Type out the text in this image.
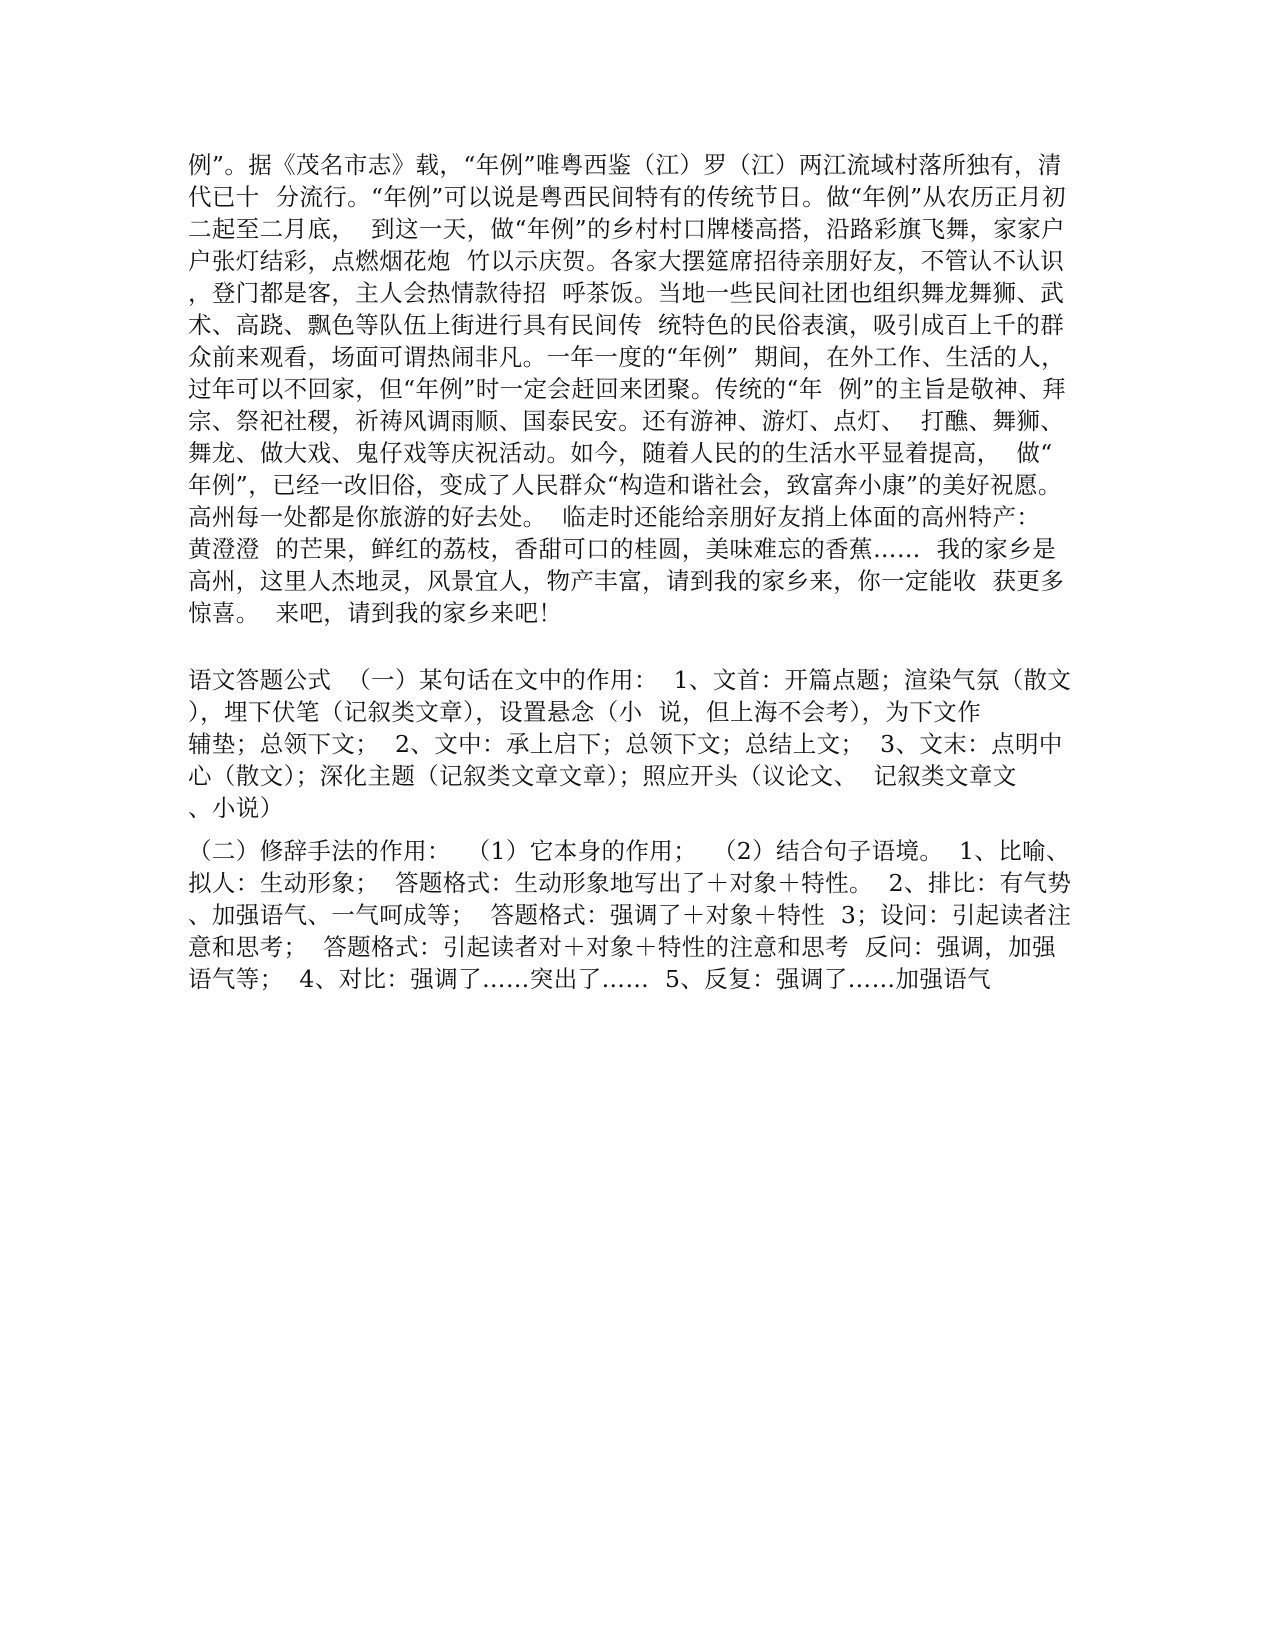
例”。据《茂名市志》载，“年例”唯粤西鉴（江）罗（江）两江流域村落所独有，清
代已十  分流行。“年例”可以说是粤西民间特有的传统节日。做“年例”从农历正月初
二起至二月底，  到这一天，做“年例”的乡村村口牌楼高搭，沿路彩旗飞舞，家家户
户张灯结彩，点燃烟花炮  竹以示庆贺。各家大摆筵席招待亲朋好友，不管认不认识
，登门都是客，主人会热情款待招  呼茶饭。当地一些民间社团也组织舞龙舞狮、武
术、高跷、飘色等队伍上街进行具有民间传  统特色的民俗表演，吸引成百上千的群
众前来观看，场面可谓热闹非凡。一年一度的“年例”  期间，在外工作、生活的人，
过年可以不回家，但“年例”时一定会赶回来团聚。传统的“年  例”的主旨是敬神、拜
宗、祭祀社稷，祈祷风调雨顺、国泰民安。还有游神、游灯、点灯、  打醮、舞狮、
舞龙、做大戏、鬼仔戏等庆祝活动。如今，随着人民的的生活水平显着提高，  做“
年例”，已经一改旧俗，变成了人民群众“构造和谐社会，致富奔小康”的美好祝愿。
高州每一处都是你旅游的好去处。  临走时还能给亲朋好友捎上体面的高州特产：
黄澄澄  的芒果，鲜红的荔枝，香甜可口的桂圆，美味难忘的香蕉……  我的家乡是
高州，这里人杰地灵，风景宜人，物产丰富，请到我的家乡来，你一定能收  获更多
惊喜。  来吧，请到我的家乡来吧！
语文答题公式  （一）某句话在文中的作用：  1、文首：开篇点题；渲染气氛（散文
），埋下伏笔（记叙类文章），设置悬念（小  说，但上海不会考），为下文作
辅垫；总领下文；  2、文中：承上启下；总领下文；总结上文；  3、文末：点明中
心（散文）；深化主题（记叙类文章文章）；照应开头（议论文、  记叙类文章文
、小说）
（二）修辞手法的作用：  （1）它本身的作用；  （2）结合句子语境。  1、比喻、
拟人：生动形象；  答题格式：生动形象地写出了＋对象＋特性。  2、排比：有气势
、加强语气、一气呵成等；  答题格式：强调了＋对象＋特性  3；设问：引起读者注
意和思考；  答题格式：引起读者对＋对象＋特性的注意和思考  反问：强调，加强
语气等；  4、对比：强调了……突出了……  5、反复：强调了……加强语气
